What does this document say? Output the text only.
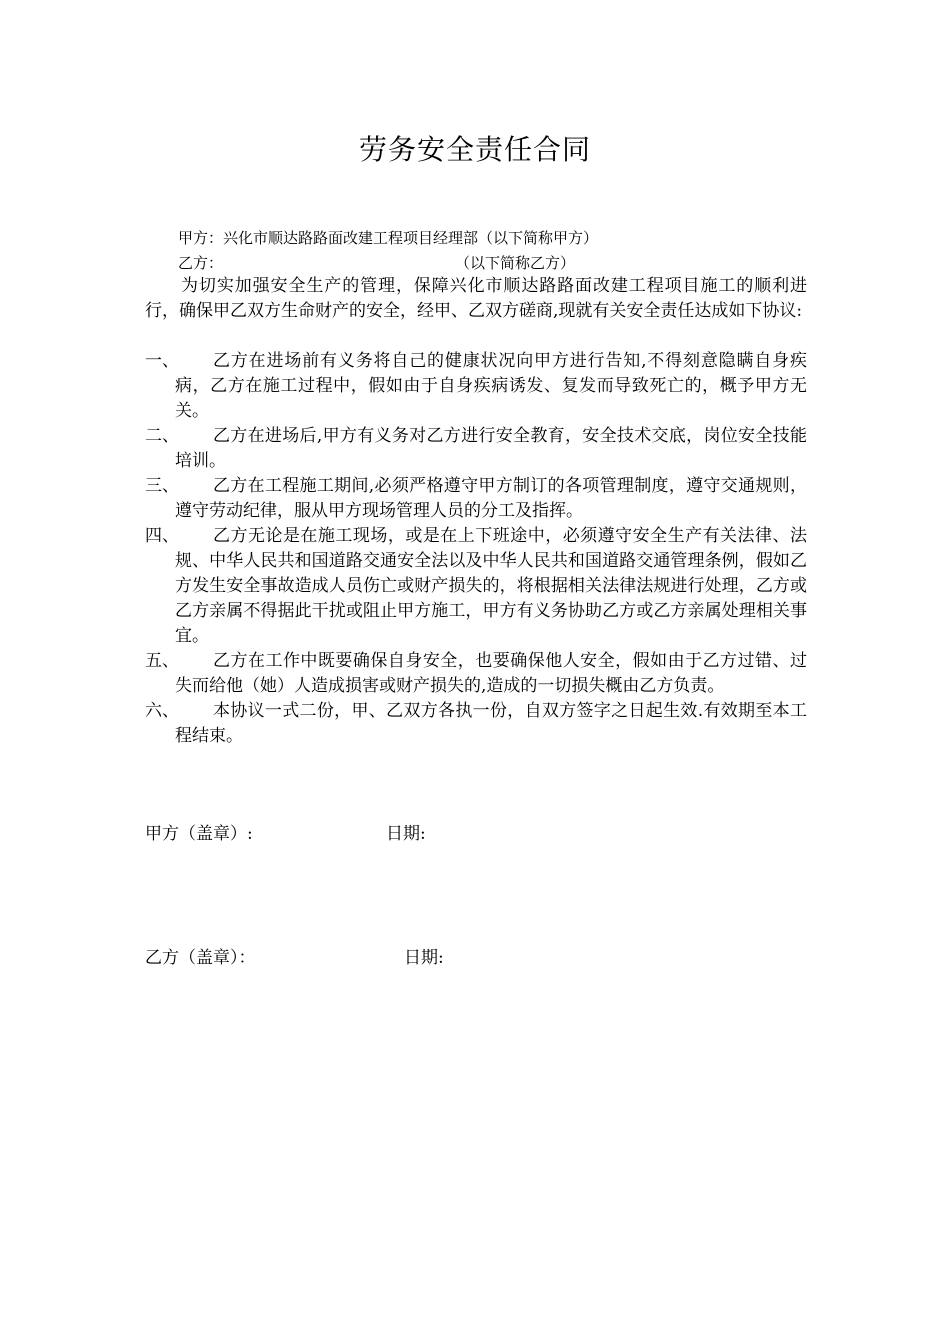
劳务安全责任合同
甲方：兴化市顺达路路面改建工程项目经理部（以下简称甲方）
乙方：	（以下简称乙方）
为切实加强安全生产的管理，保障兴化市顺达路路面改建工程项目施工的顺利进行，确保甲乙双方生命财产的安全，经甲、乙双方磋商,现就有关安全责任达成如下协议:
一、	乙方在进场前有义务将自己的健康状况向甲方进行告知,不得刻意隐瞒自身疾病，乙方在施工过程中，假如由于自身疾病诱发、复发而导致死亡的，概予甲方无关。
二、	乙方在进场后,甲方有义务对乙方进行安全教育，安全技术交底，岗位安全技能培训。
三、	乙方在工程施工期间,必须严格遵守甲方制订的各项管理制度，遵守交通规则，遵守劳动纪律，服从甲方现场管理人员的分工及指挥。
四、	乙方无论是在施工现场，或是在上下班途中，必须遵守安全生产有关法律、法规、中华人民共和国道路交通安全法以及中华人民共和国道路交通管理条例，假如乙方发生安全事故造成人员伤亡或财产损失的，将根据相关法律法规进行处理，乙方或乙方亲属不得据此干扰或阻止甲方施工，甲方有义务协助乙方或乙方亲属处理相关事宜。
五、	乙方在工作中既要确保自身安全，也要确保他人安全，假如由于乙方过错、过失而给他（她）人造成损害或财产损失的,造成的一切损失概由乙方负责。
六、	本协议一式二份，甲、乙双方各执一份，自双方签字之日起生效.有效期至本工程结束。
甲方（盖章）:	日期:
乙方（盖章）：	日期:
